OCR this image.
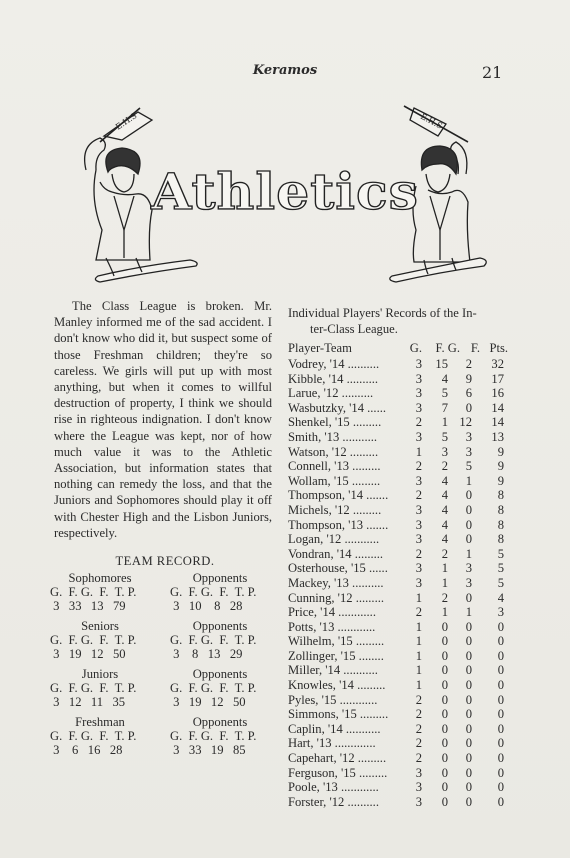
Keramos	21
E.H.S	E.H.S
Athletics

The Class League is broken. Mr. Manley informed me of the sad accident. I don't know who did it, but suspect some of those Freshman children; they're so careless. We girls will put up with most anything, but when it comes to willful destruction of property, I think we should rise in righteous indignation. I don't know where the League was kept, nor of how much value it was to the Athletic Association, but information states that nothing can remedy the loss, and that the Juniors and Sophomores should play it off with Chester High and the Lisbon Juniors, respectively.

TEAM RECORD.
Sophomores
G.  F. G.  F.  T. P.
3   33   13   79
Opponents
G.  F. G.  F.  T. P.
3   10    8   28
Seniors
G.  F. G.  F.  T. P.
3   19   12   50
Opponents
G.  F. G.  F.  T. P.
3    8   13   29
Juniors
G.  F. G.  F.  T. P.
3   12   11   35
Opponents
G.  F. G.  F.  T. P.
3   19   12   50
Freshman
G.  F. G.  F.  T. P.
3    6   16   28
Opponents
G.  F. G.  F.  T. P.
3   33   19   85
Individual Players' Records of the In-
ter-Class League.
Player-Team	G.	F. G. F. Pts.
Vodrey, '14 ..........	3	15	2	32
Kibble, '14 ..........	3	4	9	17
Larue, '12 ..........	3	5	6	16
Wasbutzky, '14 ......	3	7	0	14
Shenkel, '15 .........	2	1 12	14
Smith, '13 ...........	3	5	3	13
Watson, '12 .........	1	3	3	9
Connell, '13 .........	2	2	5	9
Wollam, '15 .........	3	4	1	9
Thompson, '14 .......	2	4	0	8
Michels, '12 .........	3	4	0	8
Thompson, '13 .......	3	4	0	8
Logan, '12 ...........	3	4	0	8
Vondran, '14 .........	2	2	1	5
Osterhouse, '15 ......	3	1	3	5
Mackey, '13 ..........	3	1	3	5
Cunning, '12 .........	1	2	0	4
Price, '14 ............	2	1	1	3
Potts, '13 ............	1	0	0	0
Wilhelm, '15 .........	1	0	0	0
Zollinger, '15 ........	1	0	0	0
Miller, '14 ...........	1	0	0	0
Knowles, '14 .........	1	0	0	0
Pyles, '15 ............	2	0	0	0
Simmons, '15 .........	2	0	0	0
Caplin, '14 ...........	2	0	0	0
Hart, '13 .............	2	0	0	0
Capehart, '12 .........	2	0	0	0
Ferguson, '15 .........	3	0	0	0
Poole, '13 ............	3	0	0	0
Forster, '12 ..........	3	0	0	0
